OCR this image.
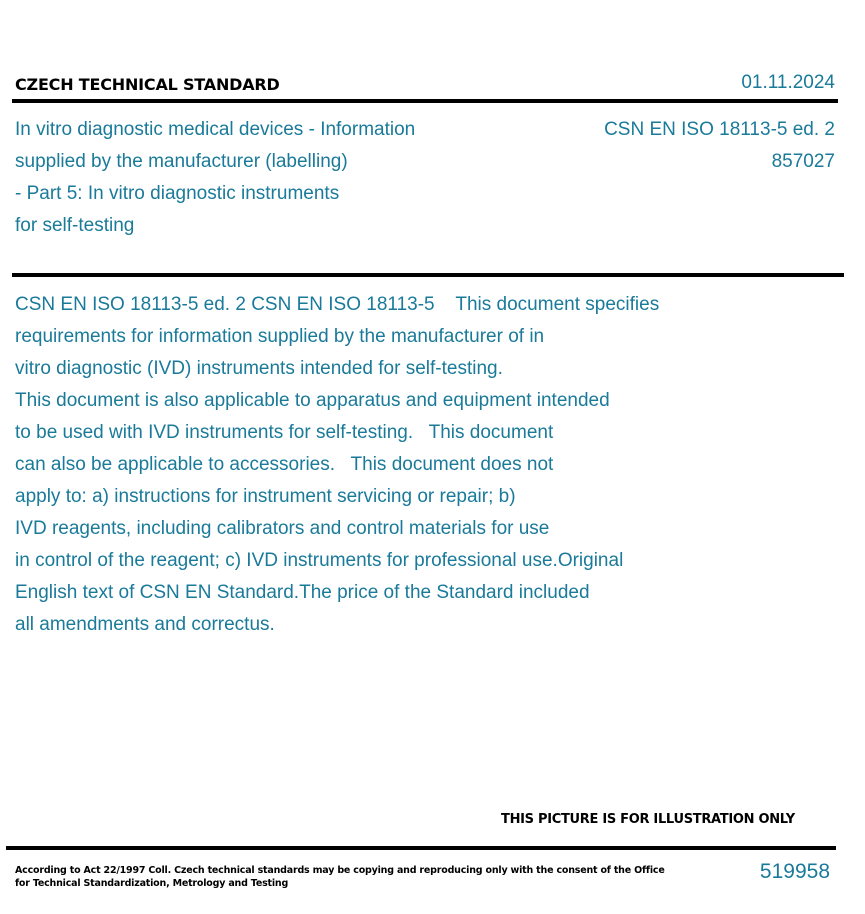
CZECH TECHNICAL STANDARD	01.11.2024
In vitro diagnostic medical devices - Information
supplied by the manufacturer (labelling)
- Part 5: In vitro diagnostic instruments
for self-testing
CSN EN ISO 18113-5 ed. 2
857027
CSN EN ISO 18113-5 ed. 2 CSN EN ISO 18113-5    This document specifies
requirements for information supplied by the manufacturer of in
vitro diagnostic (IVD) instruments intended for self-testing.
This document is also applicable to apparatus and equipment intended
to be used with IVD instruments for self-testing.   This document
can also be applicable to accessories.   This document does not
apply to: a) instructions for instrument servicing or repair; b)
IVD reagents, including calibrators and control materials for use
in control of the reagent; c) IVD instruments for professional use.Original
English text of CSN EN Standard.The price of the Standard included
all amendments and correctus.
THIS PICTURE IS FOR ILLUSTRATION ONLY
According to Act 22/1997 Coll. Czech technical standards may be copying and reproducing only with the consent of the Office
for Technical Standardization, Metrology and Testing
519958
